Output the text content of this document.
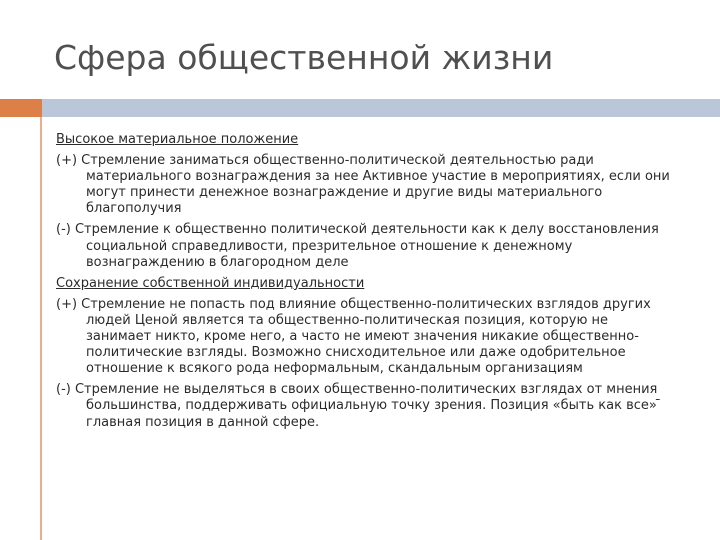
Сфера общественной жизни

Высокое материальное положение

(+) Стремление заниматься общественно-политической деятельностью ради материального вознаграждения за нее Активное участие в мероприятиях, если они могут принести денежное вознаграждение и другие виды материального благополучия

(-) Стремление к общественно политической деятельности как к делу восстановления социальной справедливости, презрительное отношение к денежному вознаграждению в благородном деле

Сохранение собственной индивидуальности

(+) Стремление не попасть под влияние общественно-политических взглядов других людей Ценой является та общественно-политическая позиция, которую не занимает никто, кроме него, а часто не имеют значения никакие общественно-политические взгляды. Возможно снисходительное или даже одобрительное отношение к всякого рода неформальным, скандальным организациям

(-) Стремление не выделяться в своих общественно-политических взглядах от мнения большинства, поддерживать официальную точку зрения. Позиция «быть как все» ̄ главная позиция в данной сфере.
